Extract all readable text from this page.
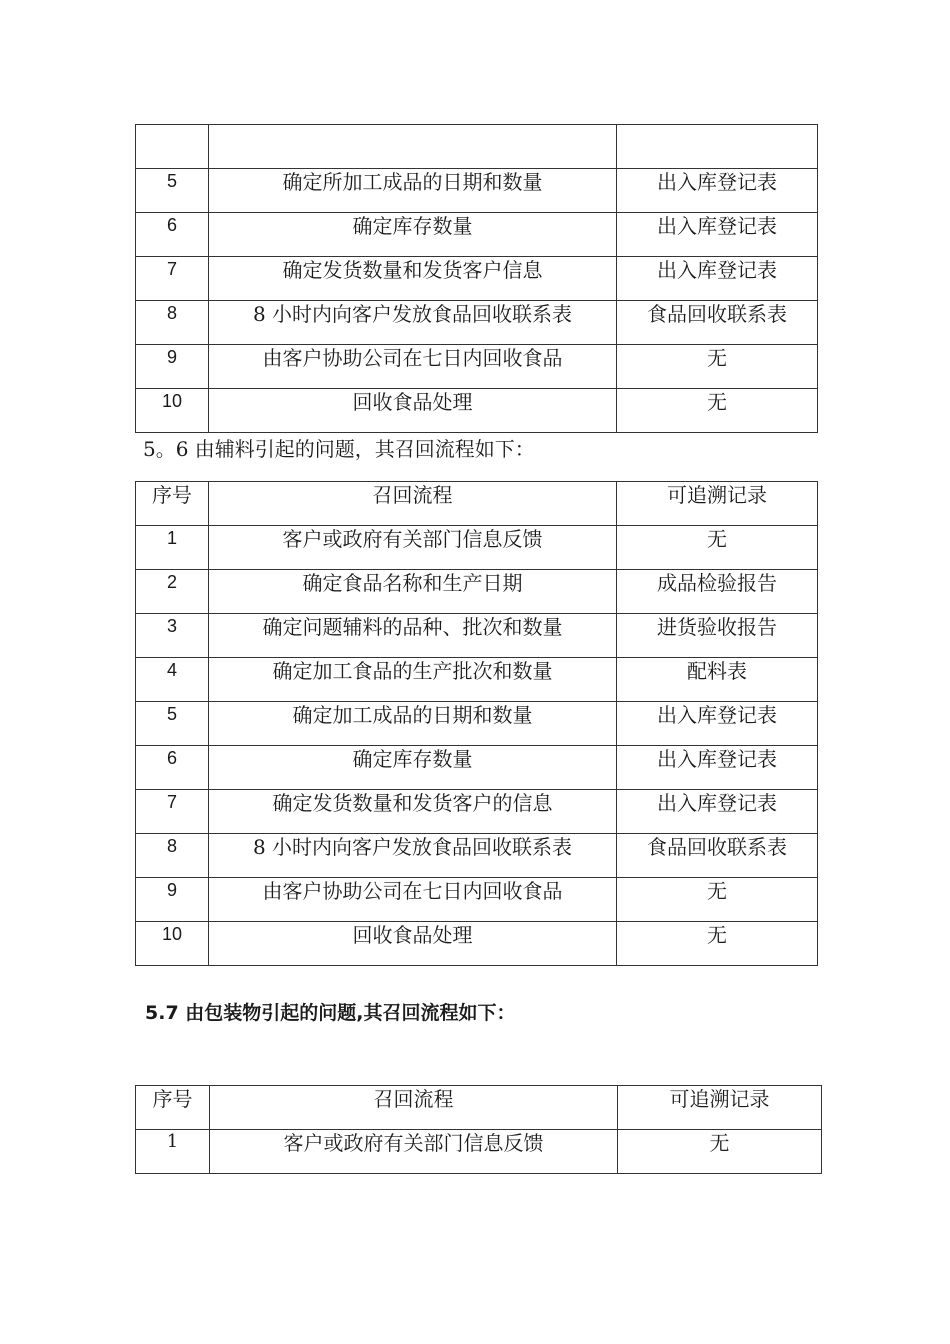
5	确定所加工成品的日期和数量	出入库登记表
6	确定库存数量	出入库登记表
7	确定发货数量和发货客户信息	出入库登记表
8	8 小时内向客户发放食品回收联系表	食品回收联系表
9	由客户协助公司在七日内回收食品	无
10	回收食品处理	无
5。6 由辅料引起的问题，其召回流程如下：
序号	召回流程	可追溯记录
1	客户或政府有关部门信息反馈	无
2	确定食品名称和生产日期	成品检验报告
3	确定问题辅料的品种、批次和数量	进货验收报告
4	确定加工食品的生产批次和数量	配料表
5	确定加工成品的日期和数量	出入库登记表
6	确定库存数量	出入库登记表
7	确定发货数量和发货客户的信息	出入库登记表
8	8 小时内向客户发放食品回收联系表	食品回收联系表
9	由客户协助公司在七日内回收食品	无
10	回收食品处理	无
5.7 由包装物引起的问题,其召回流程如下：
序号	召回流程	可追溯记录
1	客户或政府有关部门信息反馈	无
